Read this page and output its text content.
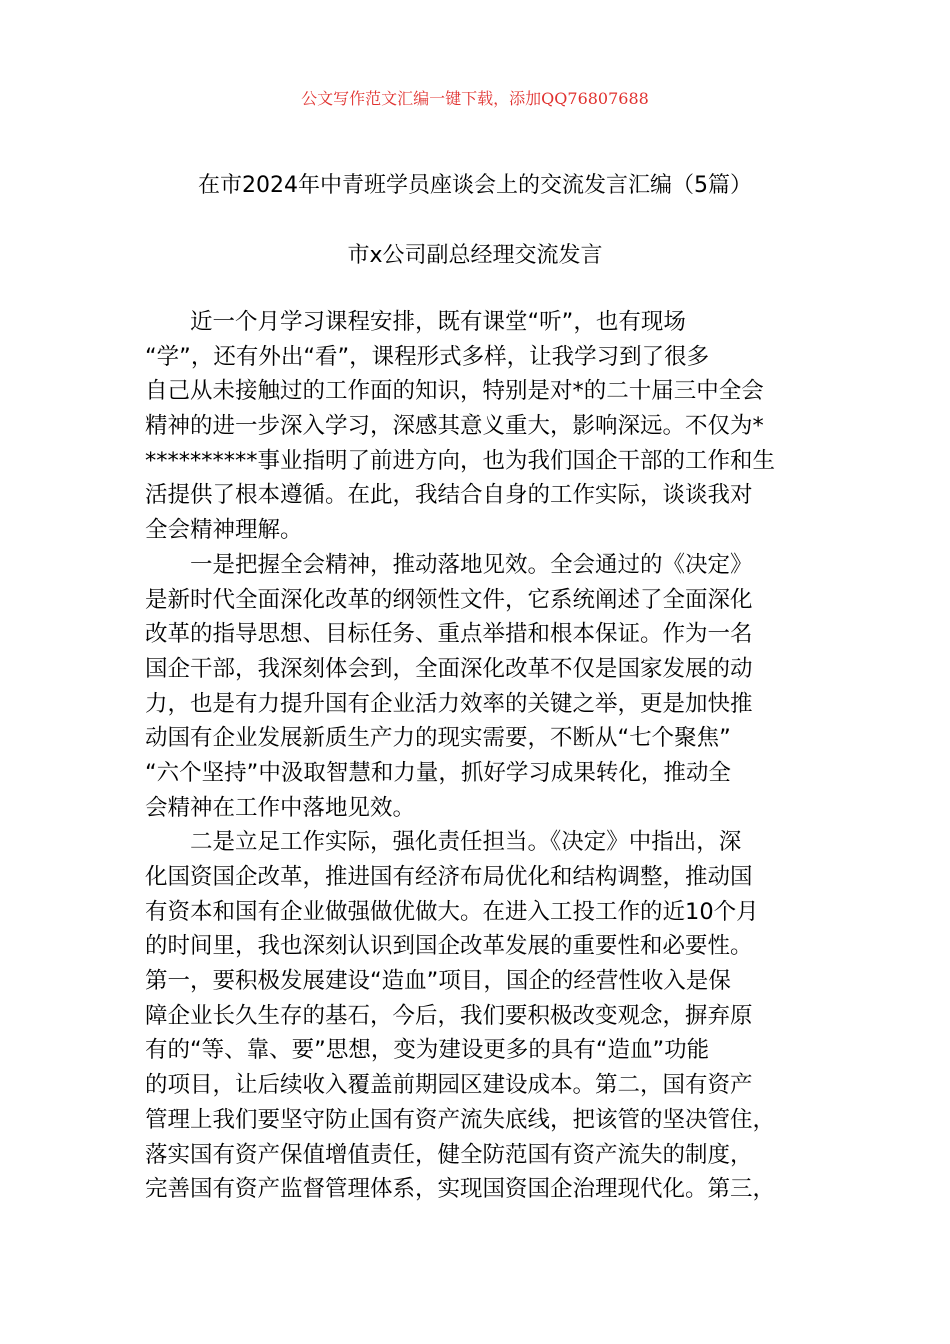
公文写作范文汇编一键下载，添加QQ76807688
在市2024年中青班学员座谈会上的交流发言汇编（5篇）
市x公司副总经理交流发言
　　近一个月学习课程安排，既有课堂“听”，也有现场
“学”，还有外出“看”，课程形式多样，让我学习到了很多
自己从未接触过的工作面的知识，特别是对*的二十届三中全会
精神的进一步深入学习，深感其意义重大，影响深远。不仅为*
**********事业指明了前进方向，也为我们国企干部的工作和生
活提供了根本遵循。在此，我结合自身的工作实际，谈谈我对
全会精神理解。
　　一是把握全会精神，推动落地见效。全会通过的《决定》
是新时代全面深化改革的纲领性文件，它系统阐述了全面深化
改革的指导思想、目标任务、重点举措和根本保证。作为一名
国企干部，我深刻体会到，全面深化改革不仅是国家发展的动
力，也是有力提升国有企业活力效率的关键之举，更是加快推
动国有企业发展新质生产力的现实需要，不断从“七个聚焦”
“六个坚持”中汲取智慧和力量，抓好学习成果转化，推动全
会精神在工作中落地见效。
　　二是立足工作实际，强化责任担当。《决定》中指出，深
化国资国企改革，推进国有经济布局优化和结构调整，推动国
有资本和国有企业做强做优做大。在进入工投工作的近10个月
的时间里，我也深刻认识到国企改革发展的重要性和必要性。
第一，要积极发展建设“造血”项目，国企的经营性收入是保
障企业长久生存的基石，今后，我们要积极改变观念，摒弃原
有的“等、靠、要”思想，变为建设更多的具有“造血”功能
的项目，让后续收入覆盖前期园区建设成本。第二，国有资产
管理上我们要坚守防止国有资产流失底线，把该管的坚决管住，
落实国有资产保值增值责任，健全防范国有资产流失的制度，
完善国有资产监督管理体系，实现国资国企治理现代化。第三，
